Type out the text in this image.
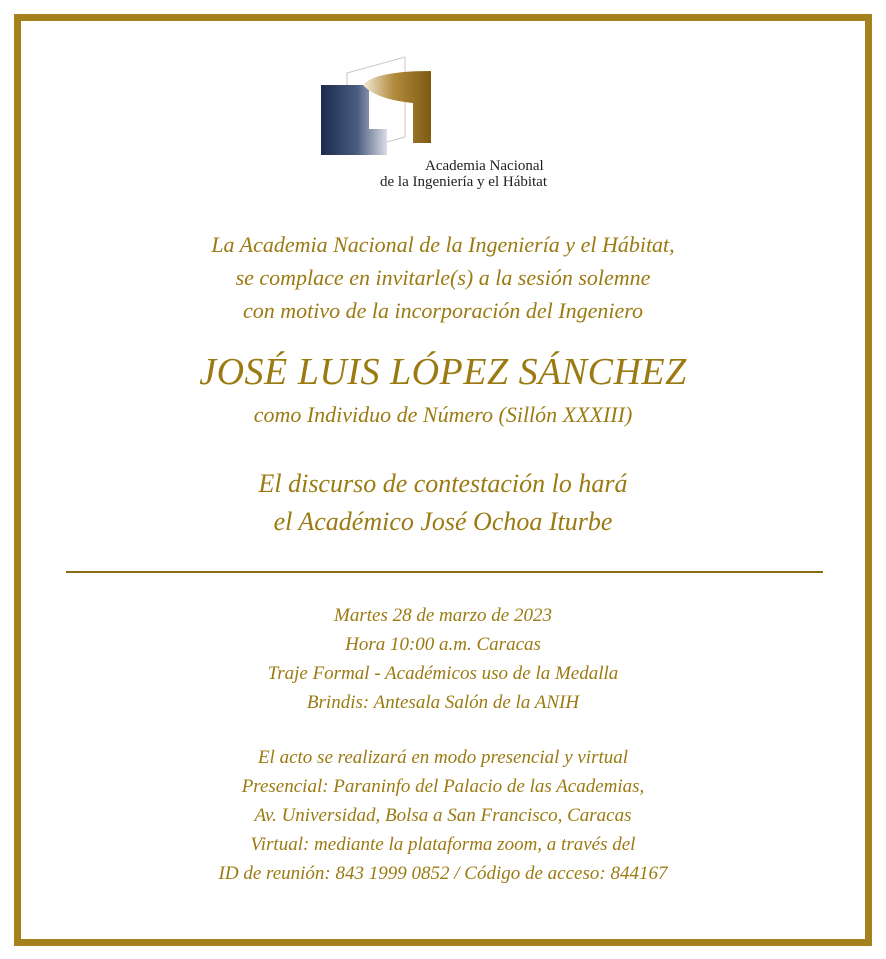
Academia Nacional
de la Ingeniería y el Hábitat
La Academia Nacional de la Ingeniería y el Hábitat,
se complace en invitarle(s) a la sesión solemne
con motivo de la incorporación del Ingeniero
JOSÉ LUIS LÓPEZ SÁNCHEZ
como Individuo de Número (Sillón XXXIII)
El discurso de contestación lo hará
el Académico José Ochoa Iturbe
Martes 28 de marzo de 2023
Hora 10:00 a.m. Caracas
Traje Formal - Académicos uso de la Medalla
Brindis: Antesala Salón de la ANIH
El acto se realizará en modo presencial y virtual
Presencial: Paraninfo del Palacio de las Academias,
Av. Universidad, Bolsa a San Francisco, Caracas
Virtual: mediante la plataforma zoom, a través del
ID de reunión: 843 1999 0852 / Código de acceso: 844167
